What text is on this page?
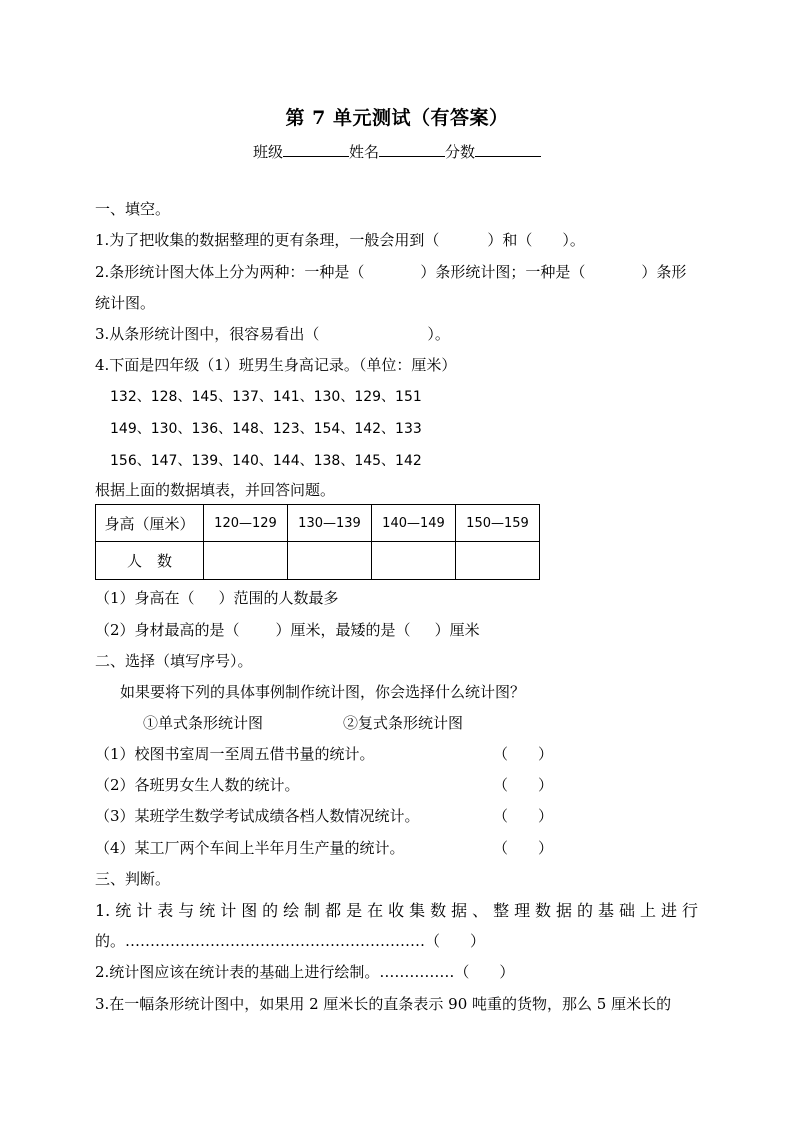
第 7 单元测试（有答案）
班级	姓名	分数
一、填空。
1.为了把收集的数据整理的更有条理，一般会用到（	）和（ ）。
2.条形统计图大体上分为两种：一种是（	）条形统计图；一种是（	）条形
统计图。
3.从条形统计图中，很容易看出（	）。
4.下面是四年级（1）班男生身高记录。（单位：厘米）
132、128、145、137、141、130、129、151
149、130、136、148、123、154、142、133
156、147、139、140、144、138、145、142
根据上面的数据填表，并回答问题。
身高（厘米）	120—129	130—139	140—149	150—159
人　数				
（1）身高在（ ）范围的人数最多
（2）身材最高的是（ ）厘米，最矮的是（ ）厘米
二、选择（填写序号）。
如果要将下列的具体事例制作统计图，你会选择什么统计图？
①单式条形统计图	②复式条形统计图
（1）校图书室周一至周五借书量的统计。	（　　）
（2）各班男女生人数的统计。	（　　）
（3）某班学生数学考试成绩各档人数情况统计。	（　　）
（4）某工厂两个车间上半年月生产量的统计。	（　　）
三、判断。
1.统计表与统计图的绘制都是在收集数据、整理数据的基础上进行
的。……………………………………………………（　　）
2.统计图应该在统计表的基础上进行绘制。……………（　　）
3.在一幅条形统计图中，如果用 2 厘米长的直条表示 90 吨重的货物，那么 5 厘米长的
